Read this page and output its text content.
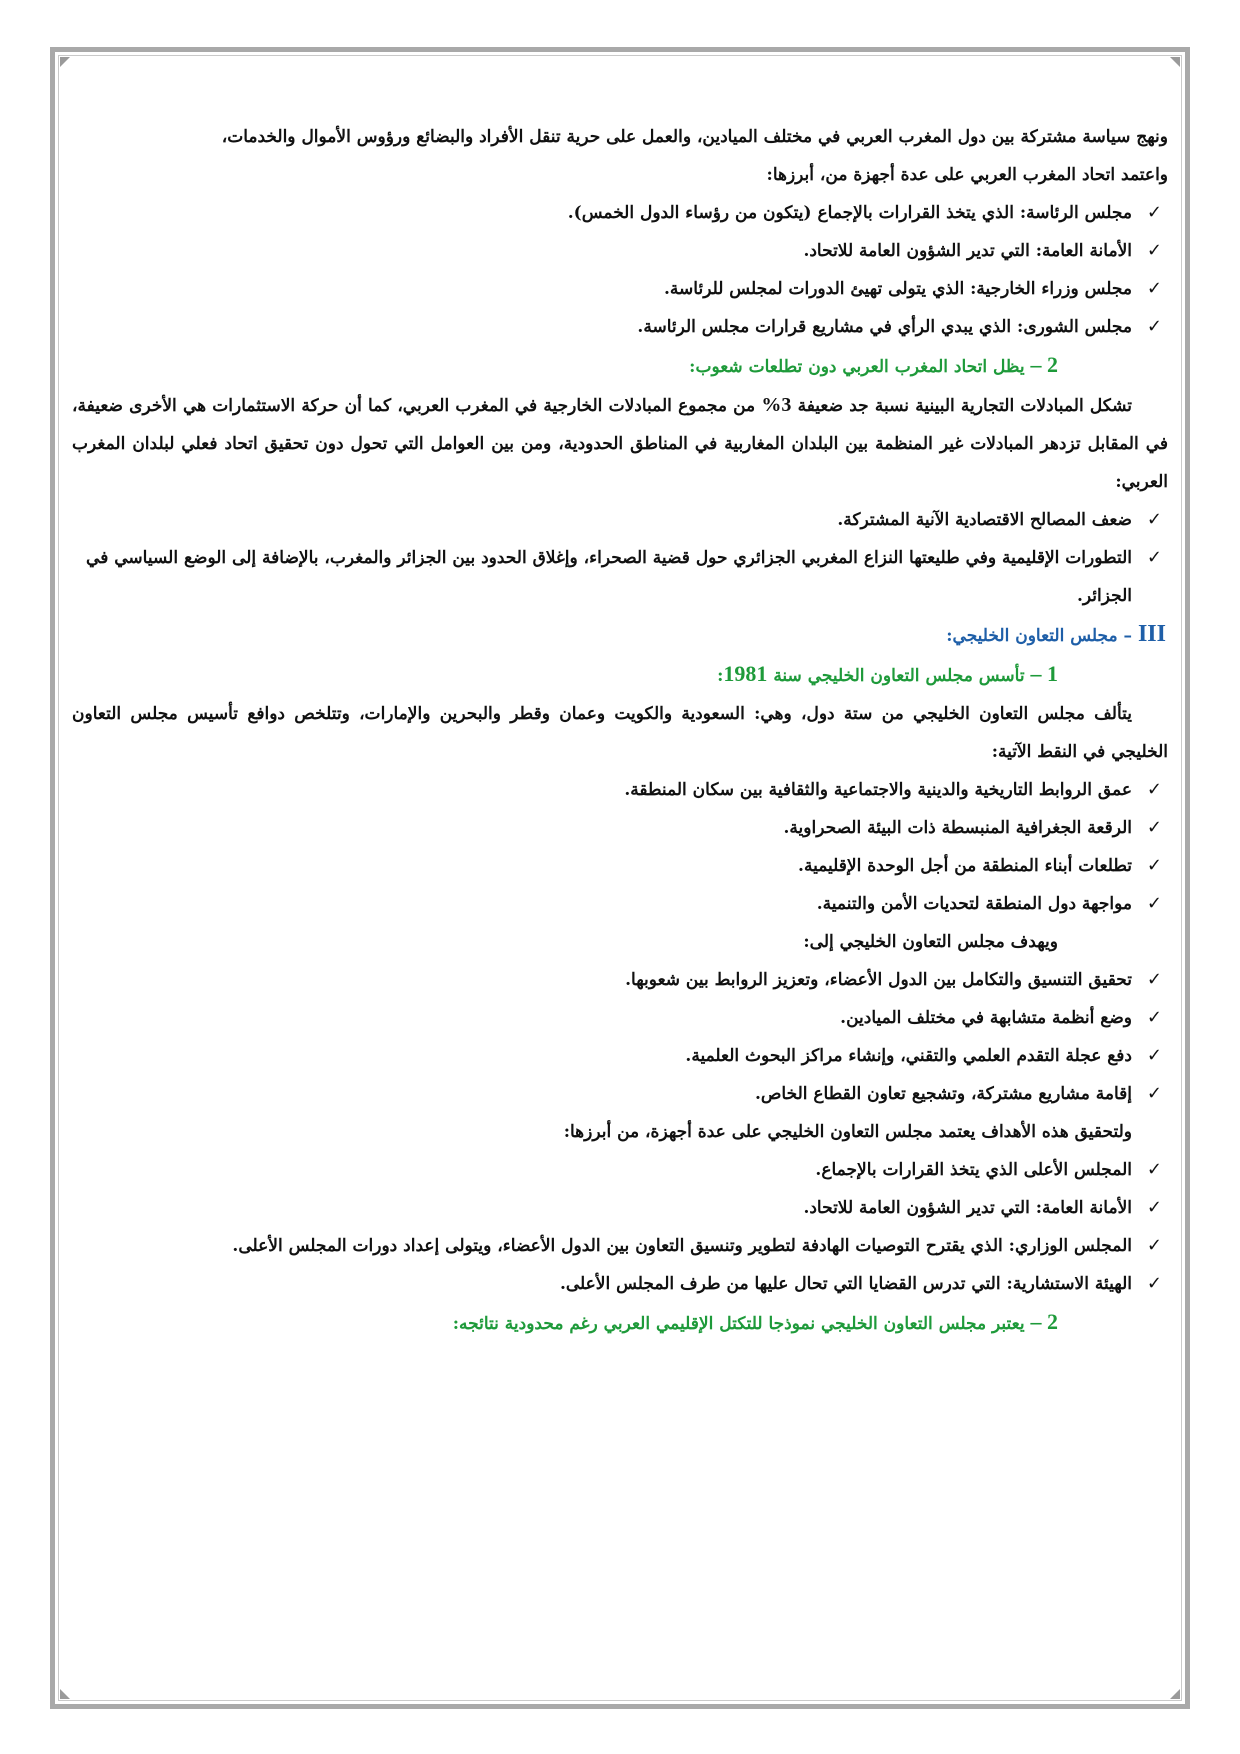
ونهج سياسة مشتركة بين دول المغرب العربي في مختلف الميادين، والعمل على حرية تنقل الأفراد والبضائع ورؤوس الأموال والخدمات،

واعتمد اتحاد المغرب العربي على عدة أجهزة من، أبرزها:

✓
مجلس الرئاسة: الذي يتخذ القرارات بالإجماع (يتكون من رؤساء الدول الخمس).
✓
الأمانة العامة: التي تدير الشؤون العامة للاتحاد.
✓
مجلس وزراء الخارجية: الذي يتولى تهيئ الدورات لمجلس للرئاسة.
✓
مجلس الشورى: الذي يبدي الرأي في مشاريع قرارات مجلس الرئاسة.

2 – يظل اتحاد المغرب العربي دون تطلعات شعوب:

تشكل المبادلات التجارية البينية نسبة جد ضعيفة 3% من مجموع المبادلات الخارجية في المغرب العربي، كما أن حركة الاستثمارات هي الأخرى ضعيفة، في المقابل تزدهر المبادلات غير المنظمة بين البلدان المغاربية في المناطق الحدودية، ومن بين العوامل التي تحول دون تحقيق اتحاد فعلي لبلدان المغرب العربي:

✓
ضعف المصالح الاقتصادية الآنية المشتركة.
✓
التطورات الإقليمية وفي طليعتها النزاع المغربي الجزائري حول قضية الصحراء، وإغلاق الحدود بين الجزائر والمغرب، بالإضافة إلى الوضع السياسي في الجزائر.

III – مجلس التعاون الخليجي:

1 – تأسس مجلس التعاون الخليجي سنة 1981:

يتألف مجلس التعاون الخليجي من ستة دول، وهي: السعودية والكويت وعمان وقطر والبحرين والإمارات، وتتلخص دوافع تأسيس مجلس التعاون الخليجي في النقط الآتية:

✓
عمق الروابط التاريخية والدينية والاجتماعية والثقافية بين سكان المنطقة.
✓
الرقعة الجغرافية المنبسطة ذات البيئة الصحراوية.
✓
تطلعات أبناء المنطقة من أجل الوحدة الإقليمية.
✓
مواجهة دول المنطقة لتحديات الأمن والتنمية.

ويهدف مجلس التعاون الخليجي إلى:

✓
تحقيق التنسيق والتكامل بين الدول الأعضاء، وتعزيز الروابط بين شعوبها.
✓
وضع أنظمة متشابهة في مختلف الميادين.
✓
دفع عجلة التقدم العلمي والتقني، وإنشاء مراكز البحوث العلمية.
✓
إقامة مشاريع مشتركة، وتشجيع تعاون القطاع الخاص.

ولتحقيق هذه الأهداف يعتمد مجلس التعاون الخليجي على عدة أجهزة، من أبرزها:

✓
المجلس الأعلى الذي يتخذ القرارات بالإجماع.
✓
الأمانة العامة: التي تدير الشؤون العامة للاتحاد.
✓
المجلس الوزاري: الذي يقترح التوصيات الهادفة لتطوير وتنسيق التعاون بين الدول الأعضاء، ويتولى إعداد دورات المجلس الأعلى.
✓
الهيئة الاستشارية: التي تدرس القضايا التي تحال عليها من طرف المجلس الأعلى.

2 – يعتبر مجلس التعاون الخليجي نموذجا للتكتل الإقليمي العربي رغم محدودية نتائجه:
